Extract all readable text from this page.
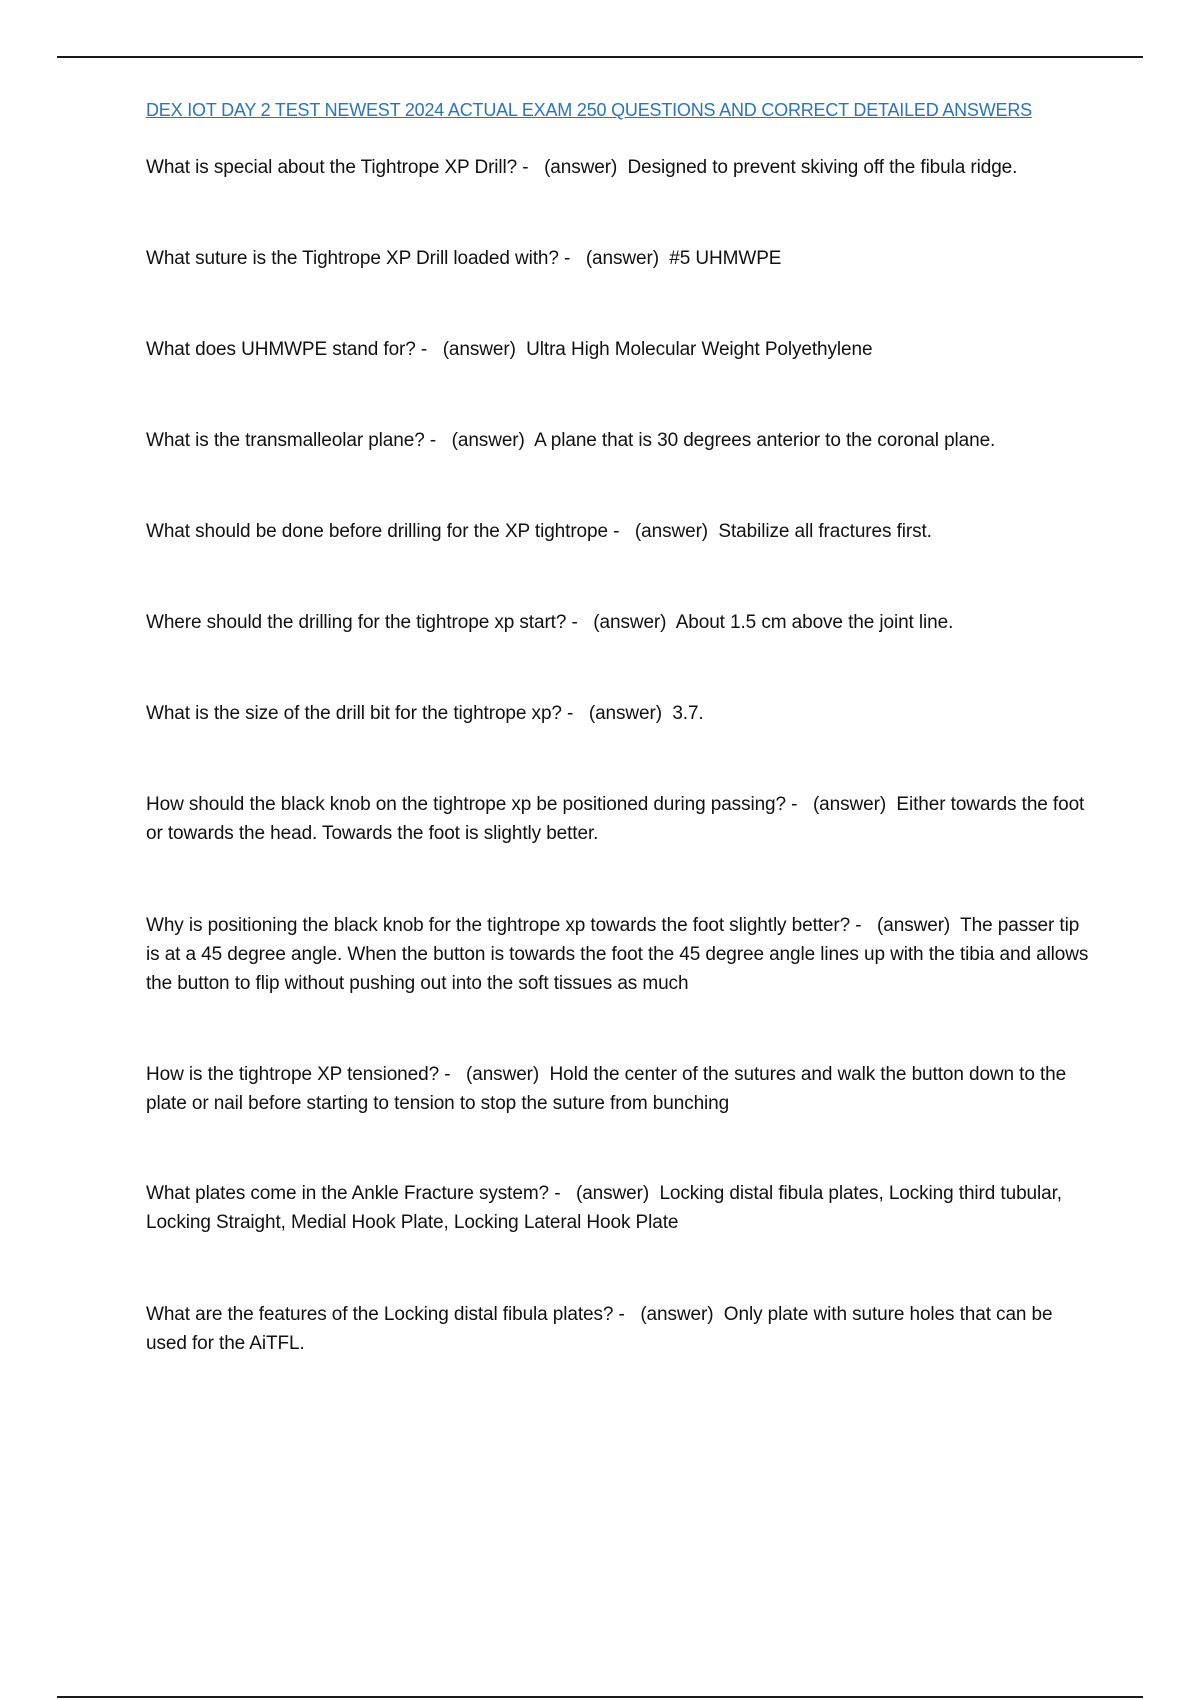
DEX IOT DAY 2 TEST NEWEST 2024 ACTUAL EXAM 250 QUESTIONS AND CORRECT DETAILED ANSWERS

What is special about the Tightrope XP Drill? - (answer) Designed to prevent skiving off the fibula ridge.

What suture is the Tightrope XP Drill loaded with? - (answer) #5 UHMWPE

What does UHMWPE stand for? - (answer) Ultra High Molecular Weight Polyethylene

What is the transmalleolar plane? - (answer) A plane that is 30 degrees anterior to the coronal plane.

What should be done before drilling for the XP tightrope - (answer) Stabilize all fractures first.

Where should the drilling for the tightrope xp start? - (answer) About 1.5 cm above the joint line.

What is the size of the drill bit for the tightrope xp? - (answer) 3.7.

How should the black knob on the tightrope xp be positioned during passing? - (answer) Either towards the foot or towards the head. Towards the foot is slightly better.

Why is positioning the black knob for the tightrope xp towards the foot slightly better? - (answer) The passer tip is at a 45 degree angle. When the button is towards the foot the 45 degree angle lines up with the tibia and allows the button to flip without pushing out into the soft tissues as much

How is the tightrope XP tensioned? - (answer) Hold the center of the sutures and walk the button down to the plate or nail before starting to tension to stop the suture from bunching

What plates come in the Ankle Fracture system? - (answer) Locking distal fibula plates, Locking third tubular, Locking Straight, Medial Hook Plate, Locking Lateral Hook Plate

What are the features of the Locking distal fibula plates? - (answer) Only plate with suture holes that can be used for the AiTFL.
